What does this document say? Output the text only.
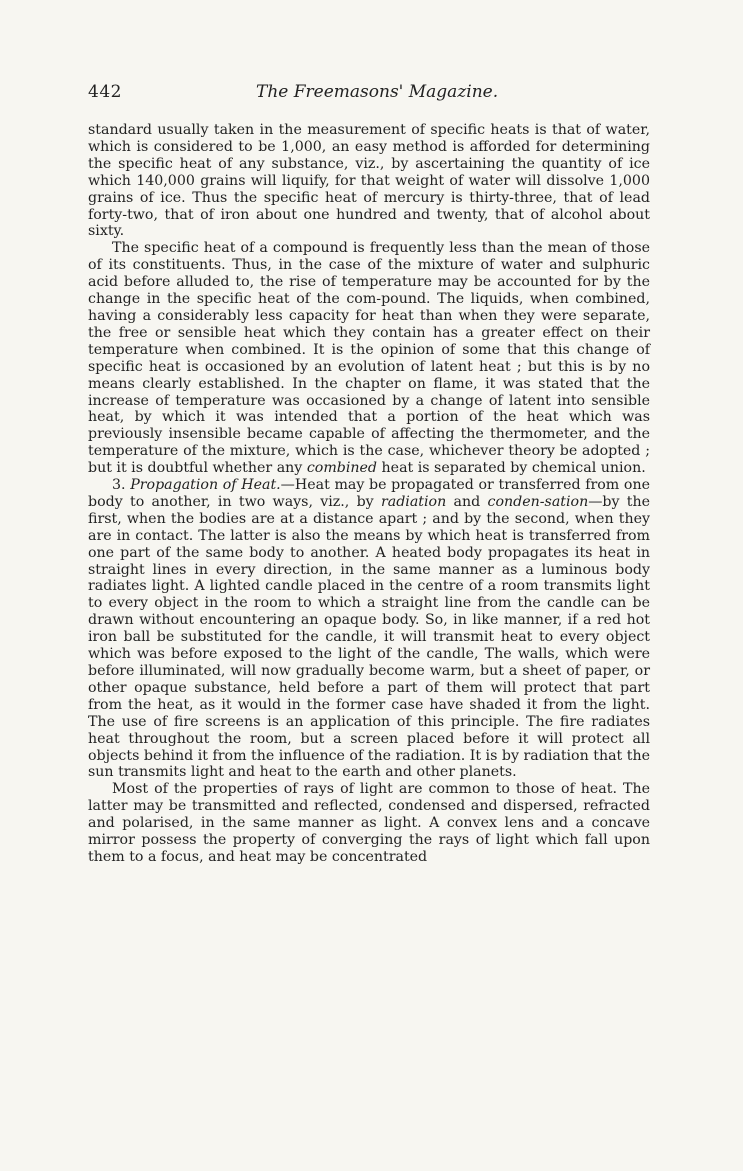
442	The Freemasons' Magazine.

standard usually taken in the measurement of specific heats is that of water, which is considered to be 1,000, an easy method is afforded for determining the specific heat of any substance, viz., by ascertaining the quantity of ice which 140,000 grains will liquify, for that weight of water will dissolve 1,000 grains of ice. Thus the specific heat of mercury is thirty-three, that of lead forty-two, that of iron about one hundred and twenty, that of alcohol about sixty.

The specific heat of a compound is frequently less than the mean of those of its constituents. Thus, in the case of the mixture of water and sulphuric acid before alluded to, the rise of temperature may be accounted for by the change in the specific heat of the com-pound. The liquids, when combined, having a considerably less capacity for heat than when they were separate, the free or sensible heat which they contain has a greater effect on their temperature when combined. It is the opinion of some that this change of specific heat is occasioned by an evolution of latent heat ; but this is by no means clearly established. In the chapter on flame, it was stated that the increase of temperature was occasioned by a change of latent into sensible heat, by which it was intended that a portion of the heat which was previously insensible became capable of affecting the thermometer, and the temperature of the mixture, which is the case, whichever theory be adopted ; but it is doubtful whether any combined heat is separated by chemical union.

3. Propagation of Heat.—Heat may be propagated or transferred from one body to another, in two ways, viz., by radiation and conden-sation—by the first, when the bodies are at a distance apart ; and by the second, when they are in contact. The latter is also the means by which heat is transferred from one part of the same body to another. A heated body propagates its heat in straight lines in every direction, in the same manner as a luminous body radiates light. A lighted candle placed in the centre of a room transmits light to every object in the room to which a straight line from the candle can be drawn without encountering an opaque body. So, in like manner, if a red hot iron ball be substituted for the candle, it will transmit heat to every object which was before exposed to the light of the candle, The walls, which were before illuminated, will now gradually become warm, but a sheet of paper, or other opaque substance, held before a part of them will protect that part from the heat, as it would in the former case have shaded it from the light. The use of fire screens is an application of this principle. The fire radiates heat throughout the room, but a screen placed before it will protect all objects behind it from the influence of the radiation. It is by radiation that the sun transmits light and heat to the earth and other planets.

Most of the properties of rays of light are common to those of heat. The latter may be transmitted and reflected, condensed and dispersed, refracted and polarised, in the same manner as light. A convex lens and a concave mirror possess the property of converging the rays of light which fall upon them to a focus, and heat may be concentrated
